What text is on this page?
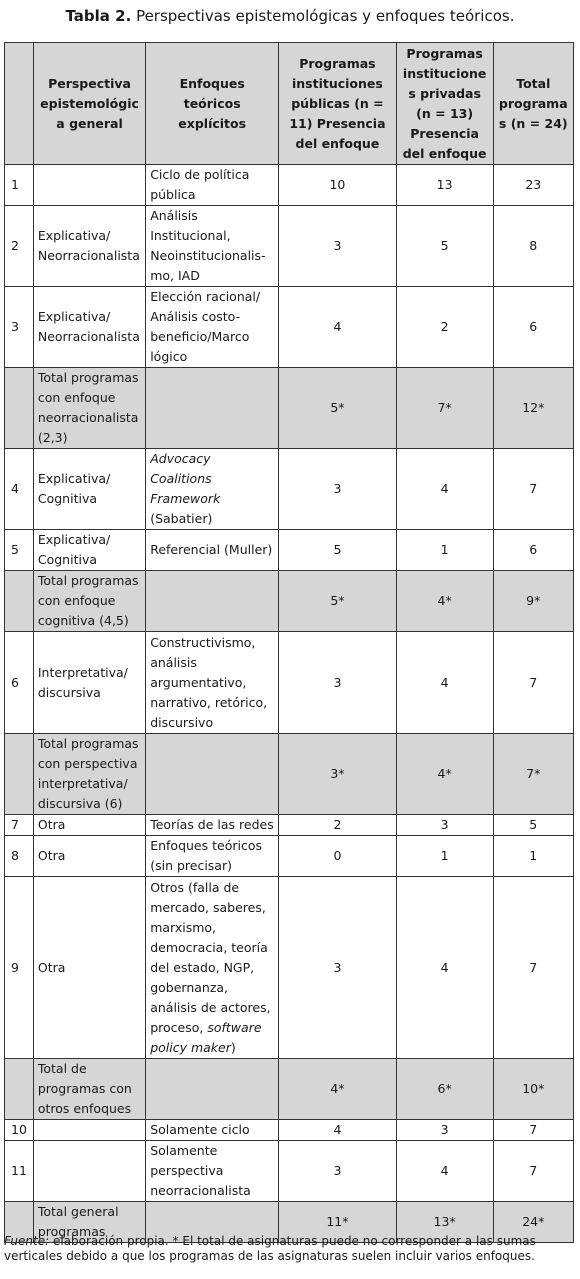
Tabla 2. Perspectivas epistemológicas y enfoques teóricos.
	Perspectiva epistemológica general	Enfoques teóricos explícitos	Programas instituciones públicas (n = 11) Presencia del enfoque	Programas instituciones privadas (n = 13) Presencia del enfoque	Total programas (n = 24)
1		Ciclo de política pública	10	13	23
2	Explicativa/ Neorracionalista	Análisis Institucional, Neoinstitucionalis-mo, IAD	3	5	8
3	Explicativa/ Neorracionalista	Elección racional/ Análisis costo-beneficio/Marco lógico	4	2	6
	Total programas con enfoque neorracionalista (2,3)		5*	7*	12*
4	Explicativa/ Cognitiva	Advocacy Coalitions Framework (Sabatier)	3	4	7
5	Explicativa/ Cognitiva	Referencial (Muller)	5	1	6
	Total programas con enfoque cognitiva (4,5)		5*	4*	9*
6	Interpretativa/ discursiva	Constructivismo, análisis argumentativo, narrativo, retórico, discursivo	3	4	7
	Total programas con perspectiva interpretativa/ discursiva (6)		3*	4*	7*
7	Otra	Teorías de las redes	2	3	5
8	Otra	Enfoques teóricos (sin precisar)	0	1	1
9	Otra	Otros (falla de mercado, saberes, marxismo, democracia, teoría del estado, NGP, gobernanza, análisis de actores, proceso, software policy maker)	3	4	7
	Total de programas con otros enfoques		4*	6*	10*
10		Solamente ciclo	4	3	7
11		Solamente perspectiva neorracionalista	3	4	7
	Total general programas		11*	13*	24*
Fuente: elaboración propia. * El total de asignaturas puede no corresponder a las sumas verticales debido a que los programas de las asignaturas suelen incluir varios enfoques.
